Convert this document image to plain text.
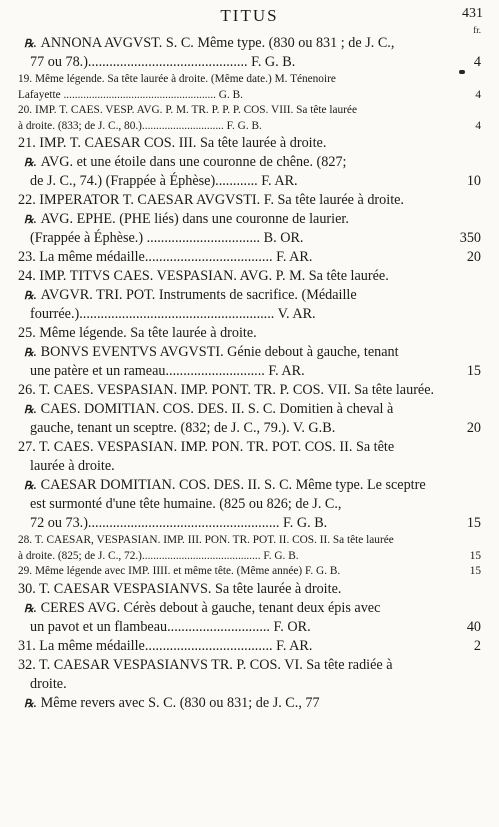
TITUS	431
fr.
℞. ANNONA AVGVST. S. C. Même type. (830 ou 831 ; de J. C.,
77 ou 78.)............................................. F. G. B.	4
19. Même légende. Sa tête laurée à droite. (Même date.) M. Ténenoire
Lafayette ...................................................... G. B.	4
20. IMP. T. CAES. VESP. AVG. P. M. TR. P. P. P. COS. VIII. Sa tête laurée
à droite. (833; de J. C., 80.)............................. F. G. B.	4
21. IMP. T. CAESAR COS. III. Sa tête laurée à droite.
℞. AVG. et une étoile dans une couronne de chêne. (827;
de J. C., 74.) (Frappée à Éphèse)............ F. AR.	10
22. IMPERATOR T. CAESAR AVGVSTI. F. Sa tête laurée à droite.
℞. AVG. EPHE. (PHE liés) dans une couronne de laurier.
(Frappée à Éphèse.) ................................ B. OR.	350
23. La même médaille.................................... F. AR.	20
24. IMP. TITVS CAES. VESPASIAN. AVG. P. M. Sa tête laurée.
℞. AVGVR. TRI. POT. Instruments de sacrifice. (Médaille
fourrée.)....................................................... V. AR.
25. Même légende. Sa tête laurée à droite.
℞. BONVS EVENTVS AVGVSTI. Génie debout à gauche, tenant
une patère et un rameau............................ F. AR.	15
26. T. CAES. VESPASIAN. IMP. PONT. TR. P. COS. VII. Sa tête laurée.
℞. CAES. DOMITIAN. COS. DES. II. S. C. Domitien à cheval à
gauche, tenant un sceptre. (832; de J. C., 79.). V. G.B.	20
27. T. CAES. VESPASIAN. IMP. PON. TR. POT. COS. II. Sa tête
laurée à droite.
℞. CAESAR DOMITIAN. COS. DES. II. S. C. Même type. Le sceptre
est surmonté d'une tête humaine. (825 ou 826; de J. C.,
72 ou 73.)...................................................... F. G. B.	15
28. T. CAESAR, VESPASIAN. IMP. III. PON. TR. POT. II. COS. II. Sa tête laurée
à droite. (825; de J. C., 72.).......................................... F. G. B.	15
29. Même légende avec IMP. IIII. et même tête. (Même année) F. G. B.	15
30. T. CAESAR VESPASIANVS. Sa tête laurée à droite.
℞. CERES AVG. Cérès debout à gauche, tenant deux épis avec
un pavot et un flambeau............................. F. OR.	40
31. La même médaille.................................... F. AR.	2
32. T. CAESAR VESPASIANVS TR. P. COS. VI. Sa tête radiée à
droite.
℞. Même revers avec S. C. (830 ou 831; de J. C., 77
